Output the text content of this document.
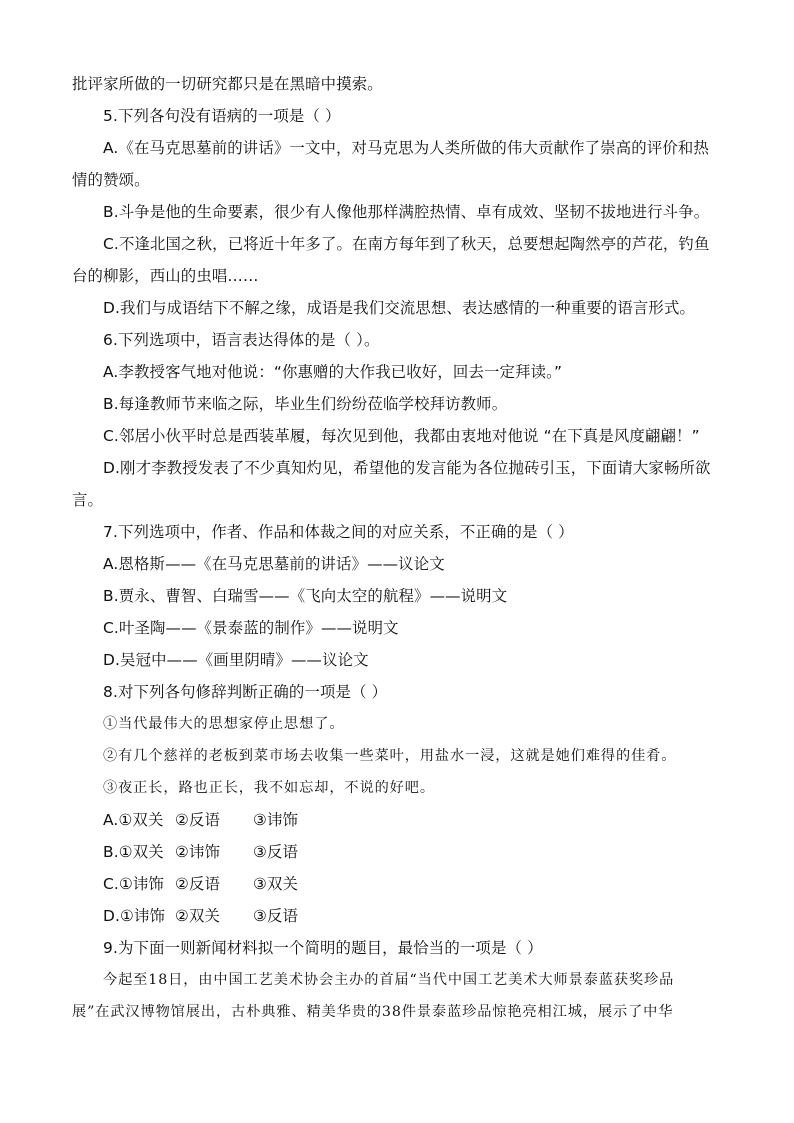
批评家所做的一切研究都只是在黑暗中摸索。
5.下列各句没有语病的一项是（ ）
A.《在马克思墓前的讲话》一文中，对马克思为人类所做的伟大贡献作了崇高的评价和热
情的赞颂。
B.斗争是他的生命要素，很少有人像他那样满腔热情、卓有成效、坚韧不拔地进行斗争。
C.不逢北国之秋，已将近十年多了。在南方每年到了秋天，总要想起陶然亭的芦花，钓鱼
台的柳影，西山的虫唱……
D.我们与成语结下不解之缘，成语是我们交流思想、表达感情的一种重要的语言形式。
6.下列选项中，语言表达得体的是（ ）。
A.李教授客气地对他说：“你惠赠的大作我已收好，回去一定拜读。”
B.每逢教师节来临之际，毕业生们纷纷莅临学校拜访教师。
C.邻居小伙平时总是西装革履，每次见到他，我都由衷地对他说 “在下真是风度翩翩！”
D.刚才李教授发表了不少真知灼见，希望他的发言能为各位抛砖引玉，下面请大家畅所欲
言。
7.下列选项中，作者、作品和体裁之间的对应关系，不正确的是（ ）
A.恩格斯——《在马克思墓前的讲话》——议论文
B.贾永、曹智、白瑞雪——《飞向太空的航程》——说明文
C.叶圣陶——《景泰蓝的制作》——说明文
D.吴冠中——《画里阴晴》——议论文
8.对下列各句修辞判断正确的一项是（ ）
①当代最伟大的思想家停止思想了。
②有几个慈祥的老板到菜市场去收集一些菜叶，用盐水一浸，这就是她们难得的佳肴。
③夜正长，路也正长，我不如忘却，不说的好吧。
A.①双关 ②反语 ③讳饰
B.①双关 ②讳饰 ③反语
C.①讳饰 ②反语 ③双关
D.①讳饰 ②双关 ③反语
9.为下面一则新闻材料拟一个简明的题目，最恰当的一项是（ ）
今起至18日，由中国工艺美术协会主办的首届“当代中国工艺美术大师景泰蓝获奖珍品
展”在武汉博物馆展出，古朴典雅、精美华贵的38件景泰蓝珍品惊艳亮相江城，展示了中华
